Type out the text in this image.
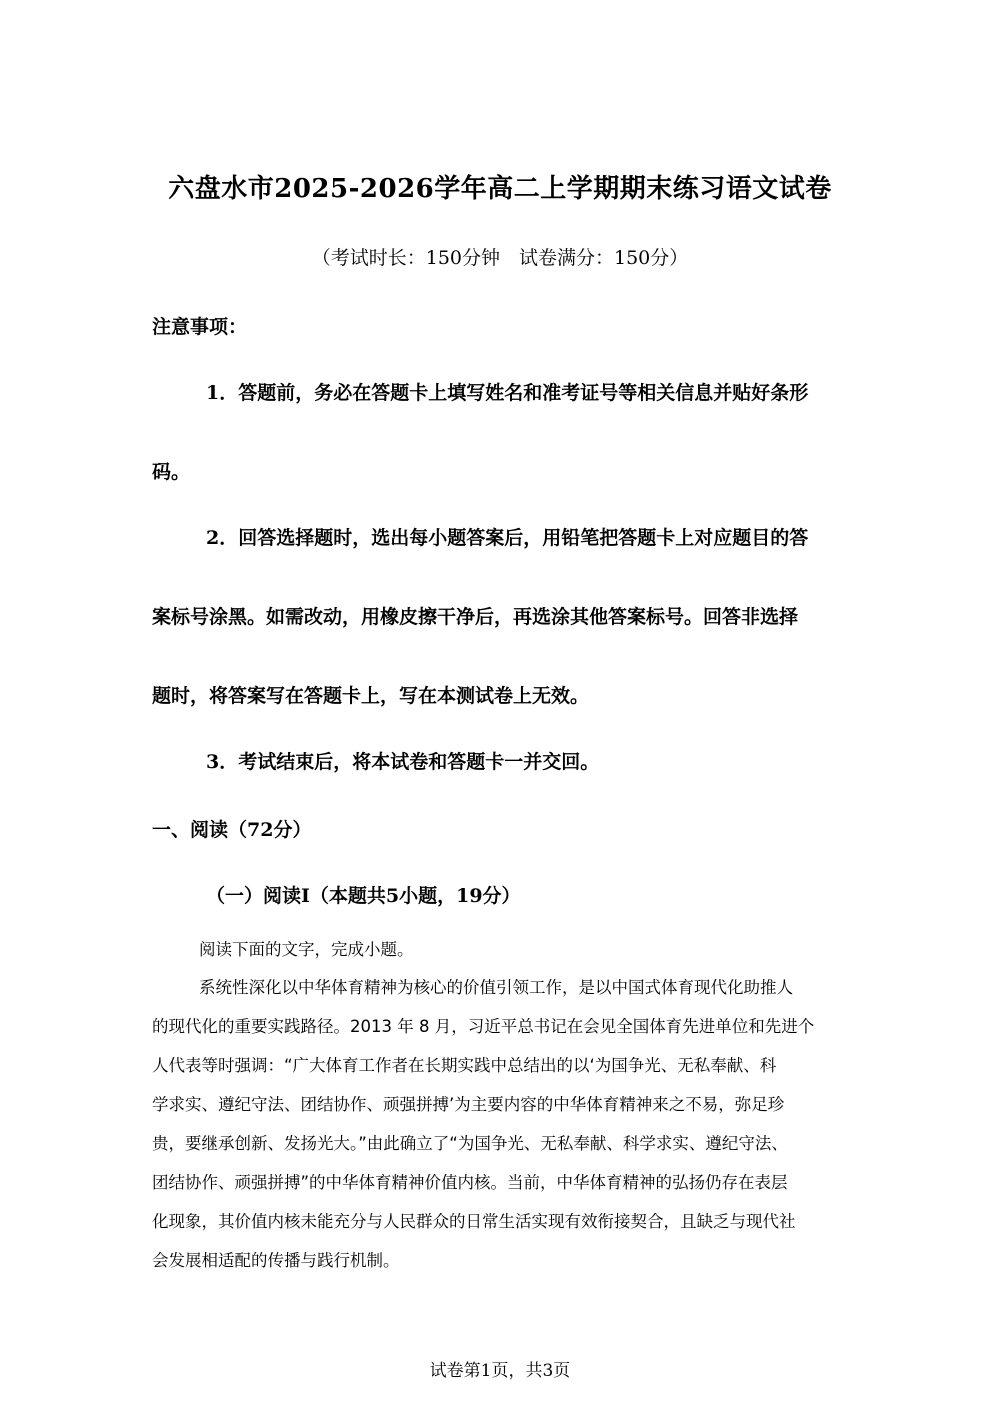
六盘水市2025-2026学年高二上学期期末练习语文试卷
（考试时长：150分钟　试卷满分：150分）
注意事项：
1．答题前，务必在答题卡上填写姓名和准考证号等相关信息并贴好条形
码。
2．回答选择题时，选出每小题答案后，用铅笔把答题卡上对应题目的答
案标号涂黑。如需改动，用橡皮擦干净后，再选涂其他答案标号。回答非选择
题时，将答案写在答题卡上，写在本测试卷上无效。
3．考试结束后，将本试卷和答题卡一并交回。
一、阅读（72分）
（一）阅读Ⅰ（本题共5小题，19分）
阅读下面的文字，完成小题。
系统性深化以中华体育精神为核心的价值引领工作，是以中国式体育现代化助推人
的现代化的重要实践路径。2013 年 8 月，习近平总书记在会见全国体育先进单位和先进个
人代表等时强调：“广大体育工作者在长期实践中总结出的以‘为国争光、无私奉献、科
学求实、遵纪守法、团结协作、顽强拼搏’为主要内容的中华体育精神来之不易，弥足珍
贵，要继承创新、发扬光大。”由此确立了“为国争光、无私奉献、科学求实、遵纪守法、
团结协作、顽强拼搏”的中华体育精神价值内核。当前，中华体育精神的弘扬仍存在表层
化现象，其价值内核未能充分与人民群众的日常生活实现有效衔接契合，且缺乏与现代社
会发展相适配的传播与践行机制。
试卷第1页，共3页
